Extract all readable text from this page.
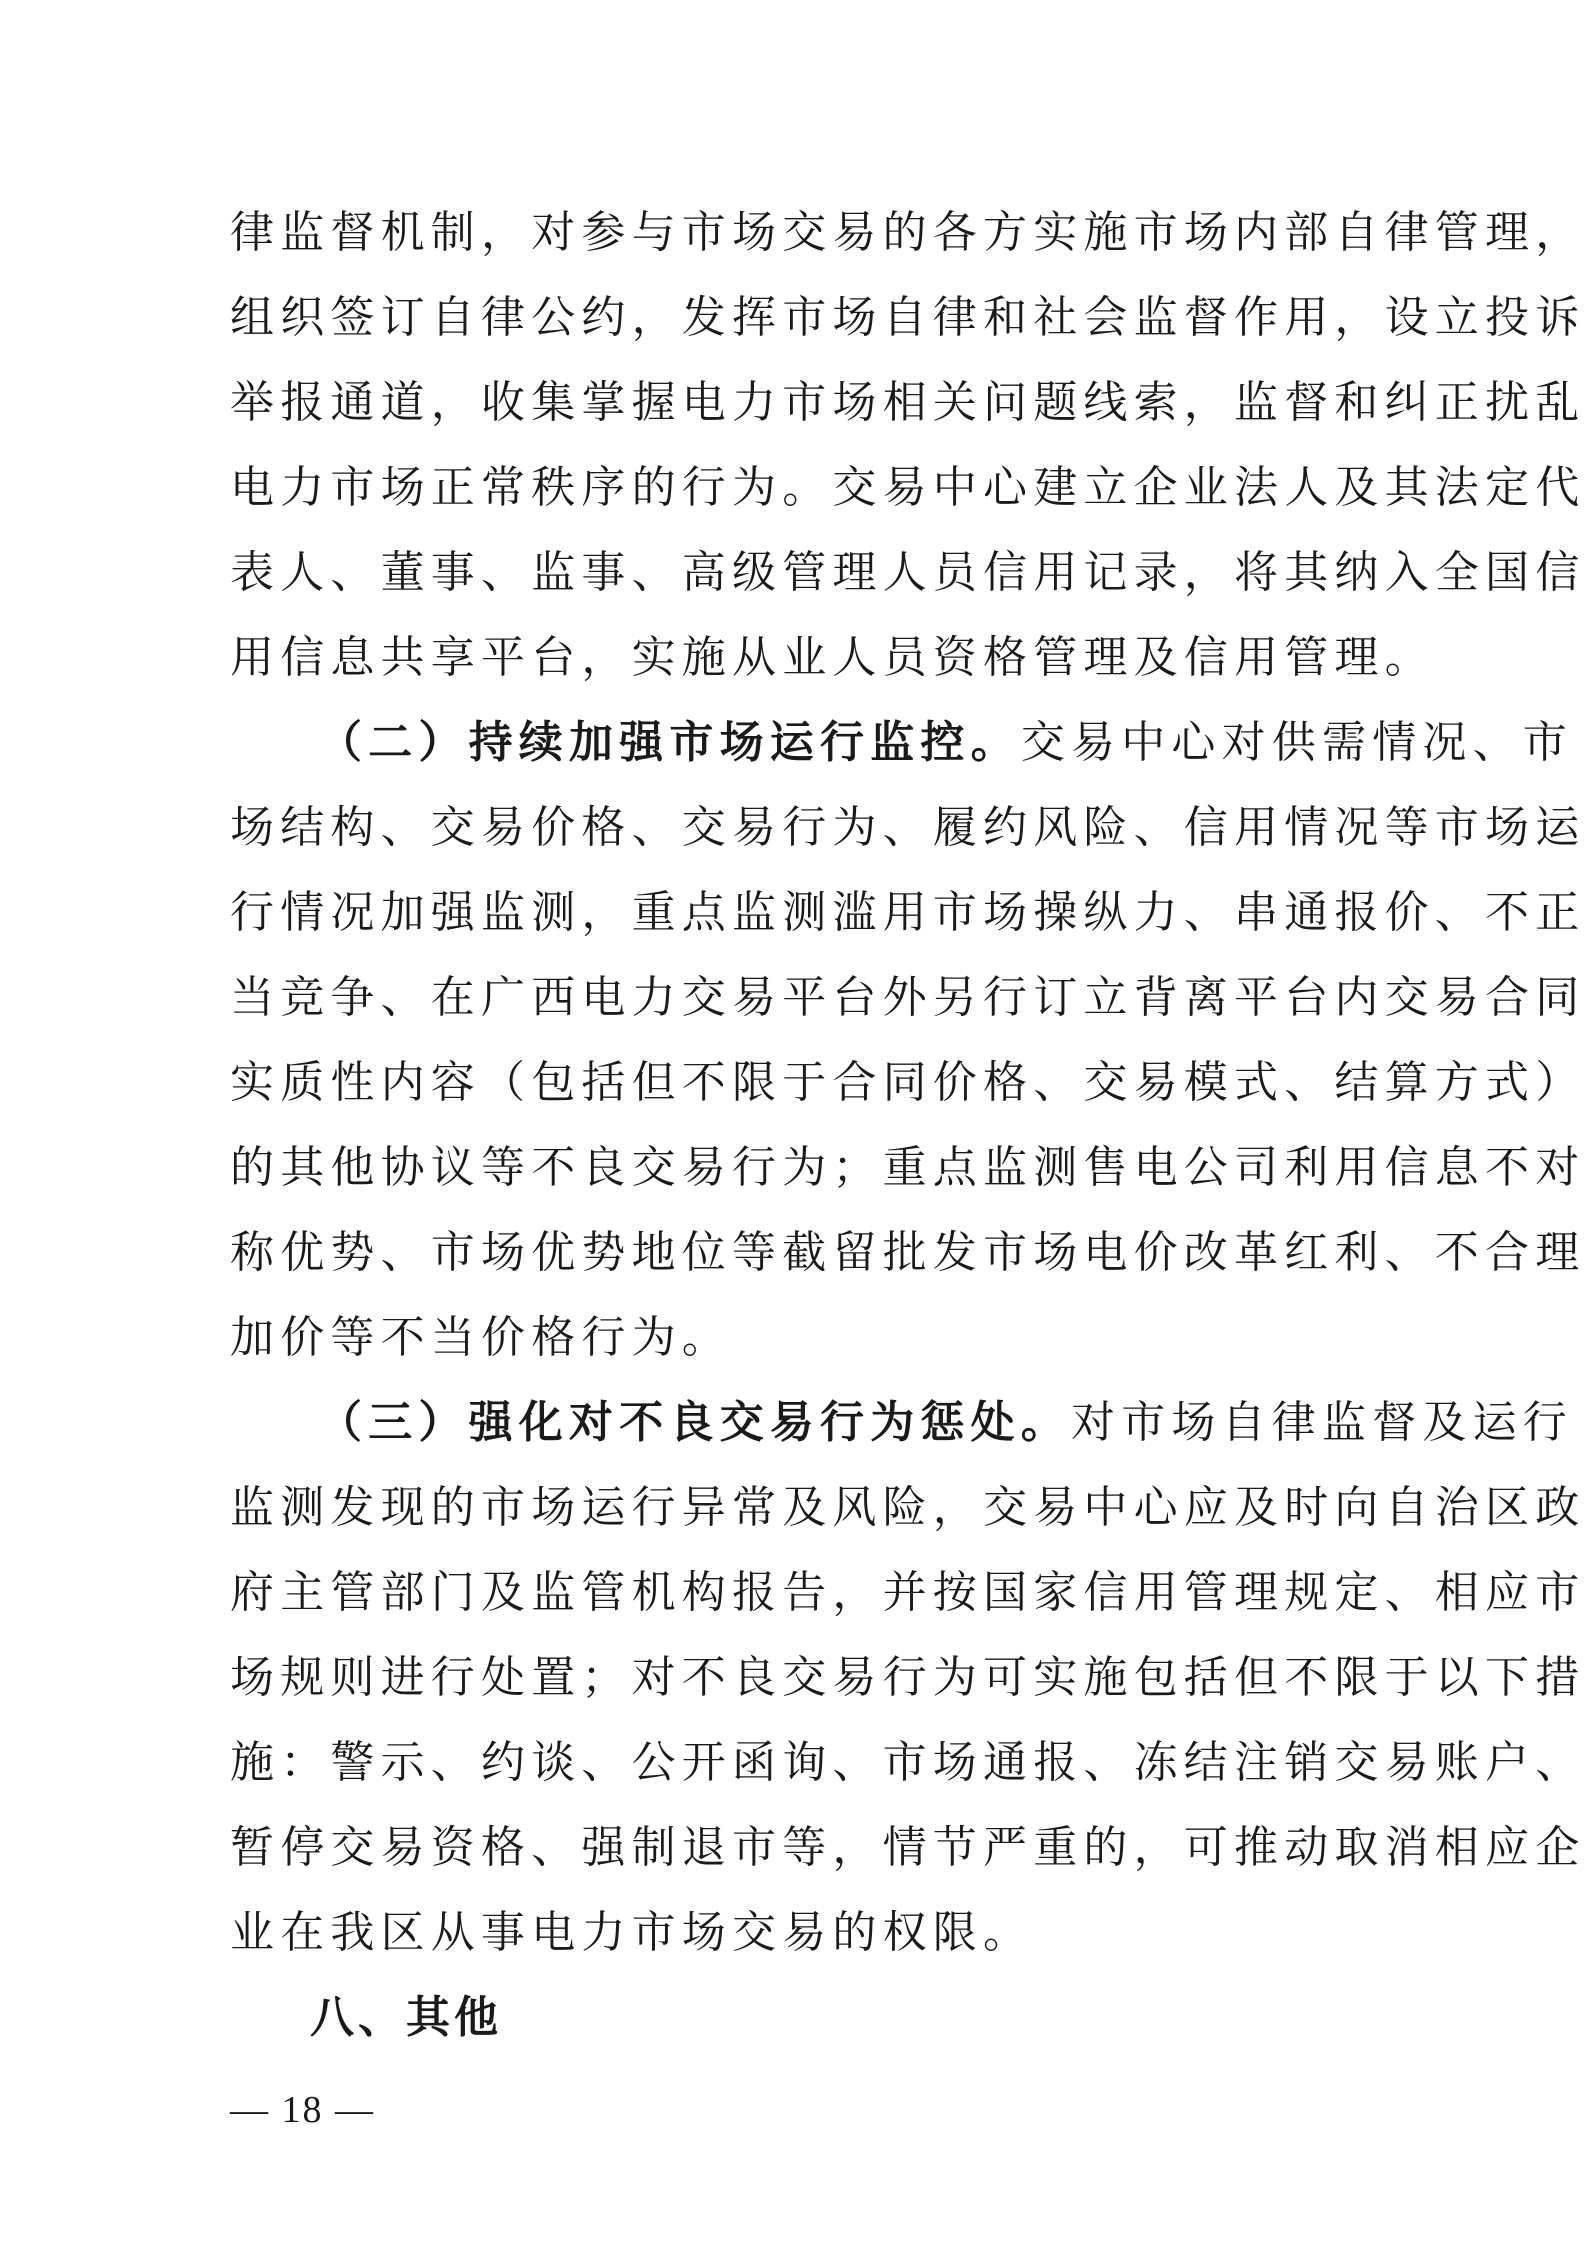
律监督机制，对参与市场交易的各方实施市场内部自律管理，
组织签订自律公约，发挥市场自律和社会监督作用，设立投诉
举报通道，收集掌握电力市场相关问题线索，监督和纠正扰乱
电力市场正常秩序的行为。交易中心建立企业法人及其法定代
表人、董事、监事、高级管理人员信用记录，将其纳入全国信
用信息共享平台，实施从业人员资格管理及信用管理。
（二）持续加强市场运行监控。交易中心对供需情况、市
场结构、交易价格、交易行为、履约风险、信用情况等市场运
行情况加强监测，重点监测滥用市场操纵力、串通报价、不正
当竞争、在广西电力交易平台外另行订立背离平台内交易合同
实质性内容（包括但不限于合同价格、交易模式、结算方式）
的其他协议等不良交易行为；重点监测售电公司利用信息不对
称优势、市场优势地位等截留批发市场电价改革红利、不合理
加价等不当价格行为。
（三）强化对不良交易行为惩处。对市场自律监督及运行
监测发现的市场运行异常及风险，交易中心应及时向自治区政
府主管部门及监管机构报告，并按国家信用管理规定、相应市
场规则进行处置；对不良交易行为可实施包括但不限于以下措
施：警示、约谈、公开函询、市场通报、冻结注销交易账户、
暂停交易资格、强制退市等，情节严重的，可推动取消相应企
业在我区从事电力市场交易的权限。
八、其他
— 18 —
